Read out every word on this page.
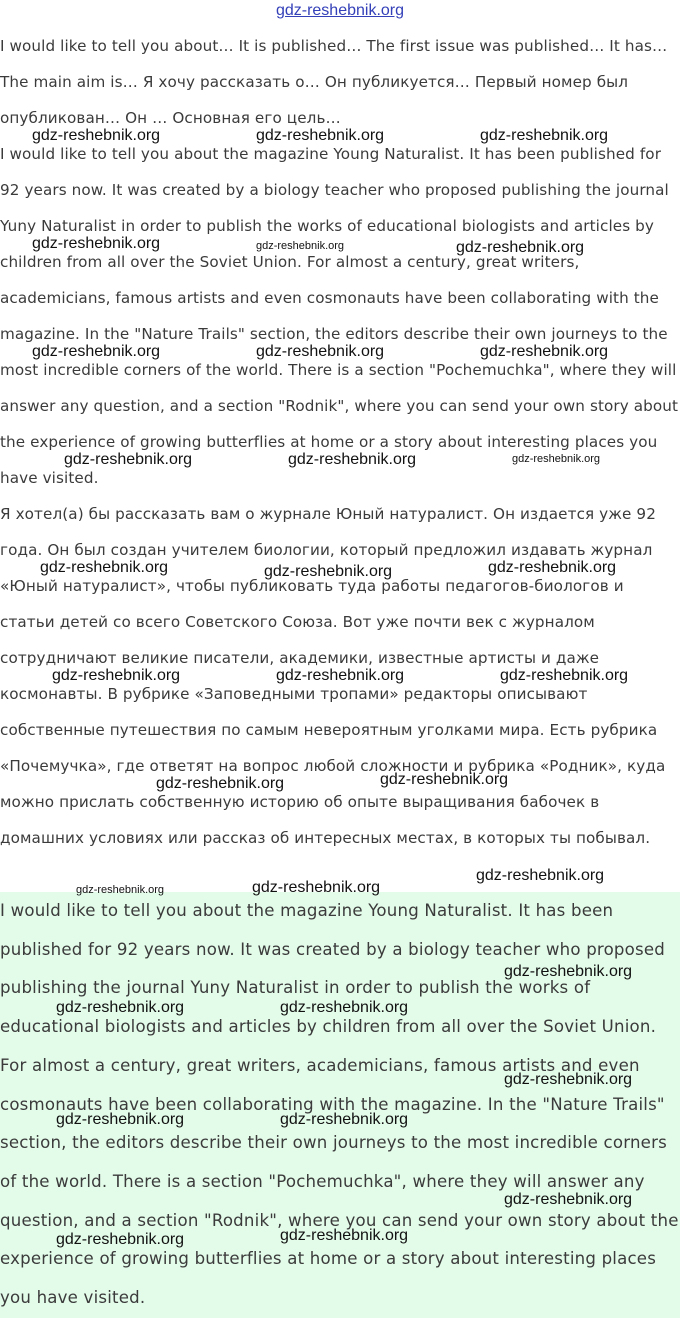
gdz-reshebnik.org

I would like to tell you about… It is published… The first issue was published… It has… The main aim is… Я хочу рассказать о… Он публикуется… Первый номер был опубликован… Он … Основная его цель…

I would like to tell you about the magazine Young Naturalist. It has been published for 92 years now. It was created by a biology teacher who proposed publishing the journal Yuny Naturalist in order to publish the works of educational biologists and articles by children from all over the Soviet Union. For almost a century, great writers, academicians, famous artists and even cosmonauts have been collaborating with the magazine. In the "Nature Trails" section, the editors describe their own journeys to the most incredible corners of the world. There is a section "Pochemuchka", where they will answer any question, and a section "Rodnik", where you can send your own story about the experience of growing butterflies at home or a story about interesting places you have visited.

Я хотел(а) бы рассказать вам о журнале Юный натуралист. Он издается уже 92 года. Он был создан учителем биологии, который предложил издавать журнал «Юный натуралист», чтобы публиковать туда работы педагогов-биологов и статьи детей со всего Советского Союза. Вот уже почти век с журналом сотрудничают великие писатели, академики, известные артисты и даже космонавты. В рубрике «Заповедными тропами» редакторы описывают собственные путешествия по самым невероятным уголками мира. Есть рубрика «Почемучка», где ответят на вопрос любой сложности и рубрика «Родник», куда можно прислать собственную историю об опыте выращивания бабочек в домашних условиях или рассказ об интересных местах, в которых ты побывал.

I would like to tell you about the magazine Young Naturalist. It has been published for 92 years now. It was created by a biology teacher who proposed publishing the journal Yuny Naturalist in order to publish the works of educational biologists and articles by children from all over the Soviet Union. For almost a century, great writers, academicians, famous artists and even cosmonauts have been collaborating with the magazine. In the "Nature Trails" section, the editors describe their own journeys to the most incredible corners of the world. There is a section "Pochemuchka", where they will answer any question, and a section "Rodnik", where you can send your own story about the experience of growing butterflies at home or a story about interesting places you have visited.

gdz-reshebnik.org	gdz-reshebnik.org	gdz-reshebnik.org
gdz-reshebnik.org	gdz-reshebnik.org	gdz-reshebnik.org
gdz-reshebnik.org	gdz-reshebnik.org	gdz-reshebnik.org
gdz-reshebnik.org	gdz-reshebnik.org	gdz-reshebnik.org
gdz-reshebnik.org	gdz-reshebnik.org	gdz-reshebnik.org
gdz-reshebnik.org	gdz-reshebnik.org	gdz-reshebnik.org
gdz-reshebnik.org	gdz-reshebnik.org
gdz-reshebnik.org	gdz-reshebnik.org
gdz-reshebnik.org
gdz-reshebnik.org
gdz-reshebnik.org	gdz-reshebnik.org
gdz-reshebnik.org
gdz-reshebnik.org	gdz-reshebnik.org
gdz-reshebnik.org
gdz-reshebnik.org	gdz-reshebnik.org
